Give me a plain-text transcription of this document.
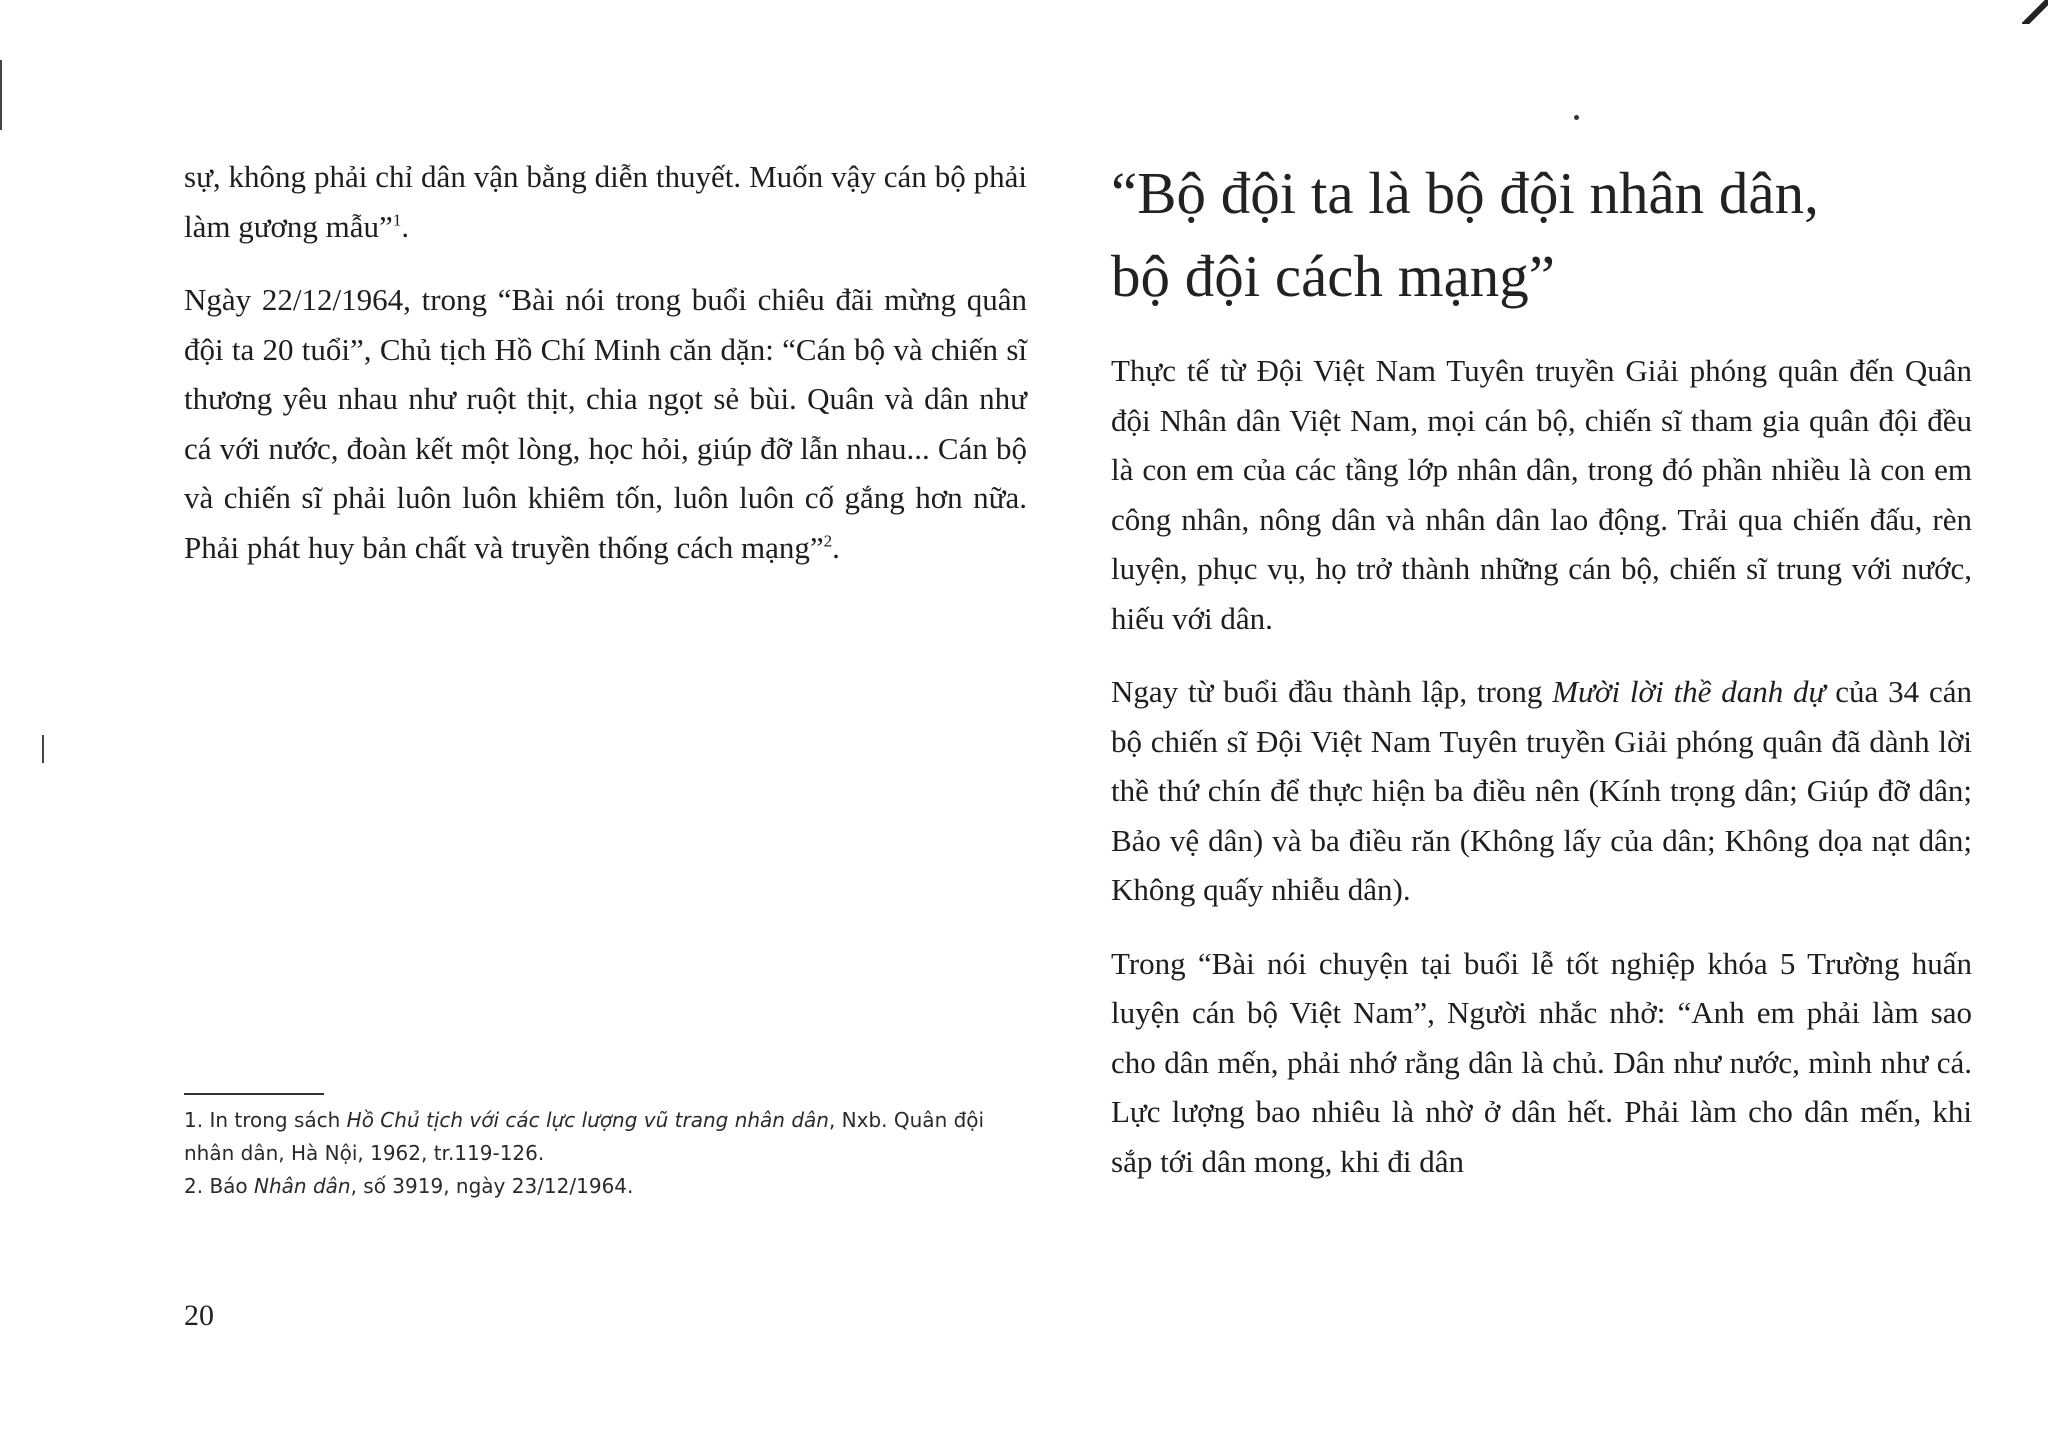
sự, không phải chỉ dân vận bằng diễn thuyết. Muốn vậy cán bộ phải làm gương mẫu”$^1$.

Ngày 22/12/1964, trong “Bài nói trong buổi chiêu đãi mừng quân đội ta 20 tuổi”, Chủ tịch Hồ Chí Minh căn dặn: “Cán bộ và chiến sĩ thương yêu nhau như ruột thịt, chia ngọt sẻ bùi. Quân và dân như cá với nước, đoàn kết một lòng, học hỏi, giúp đỡ lẫn nhau... Cán bộ và chiến sĩ phải luôn luôn khiêm tốn, luôn luôn cố gắng hơn nữa. Phải phát huy bản chất và truyền thống cách mạng”$^2$.

1. In trong sách Hồ Chủ tịch với các lực lượng vũ trang nhân dân, Nxb. Quân đội nhân dân, Hà Nội, 1962, tr.119-126.
2. Báo Nhân dân, số 3919, ngày 23/12/1964.
20
“Bộ đội ta là bộ đội nhân dân,
bộ đội cách mạng”

Thực tế từ Đội Việt Nam Tuyên truyền Giải phóng quân đến Quân đội Nhân dân Việt Nam, mọi cán bộ, chiến sĩ tham gia quân đội đều là con em của các tầng lớp nhân dân, trong đó phần nhiều là con em công nhân, nông dân và nhân dân lao động. Trải qua chiến đấu, rèn luyện, phục vụ, họ trở thành những cán bộ, chiến sĩ trung với nước, hiếu với dân.

Ngay từ buổi đầu thành lập, trong Mười lời thề danh dự của 34 cán bộ chiến sĩ Đội Việt Nam Tuyên truyền Giải phóng quân đã dành lời thề thứ chín để thực hiện ba điều nên (Kính trọng dân; Giúp đỡ dân; Bảo vệ dân) và ba điều răn (Không lấy của dân; Không dọa nạt dân; Không quấy nhiễu dân).

Trong “Bài nói chuyện tại buổi lễ tốt nghiệp khóa 5 Trường huấn luyện cán bộ Việt Nam”, Người nhắc nhở: “Anh em phải làm sao cho dân mến, phải nhớ rằng dân là chủ. Dân như nước, mình như cá. Lực lượng bao nhiêu là nhờ ở dân hết. Phải làm cho dân mến, khi sắp tới dân mong, khi đi dân
